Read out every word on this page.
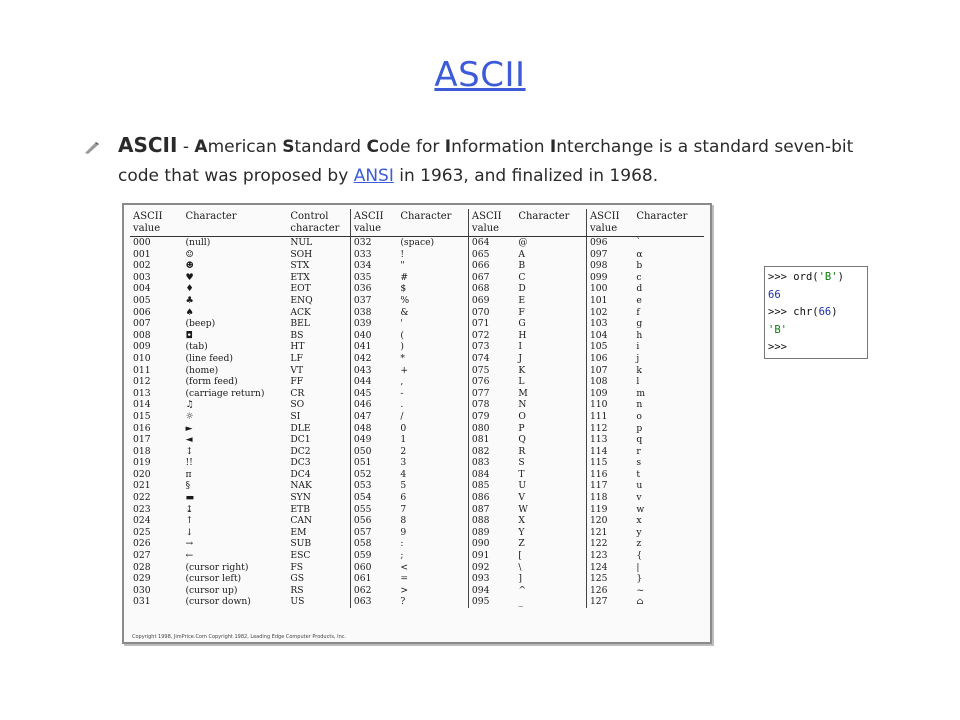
ASCII
ASCII - American Standard Code for Information Interchange is a standard seven-bit code that was proposed by ANSI in 1963, and finalized in 1968.
ASCII value	Character	Control character	ASCII value	Character	ASCII value	Character	ASCII value	Character
000	(null)	NUL	032	(space)	064	@	096	`
001	☺	SOH	033	!	065	A	097	α
002	☻	STX	034	"	066	B	098	b
003	♥	ETX	035	#	067	C	099	c
004	♦	EOT	036	$	068	D	100	d
005	♣	ENQ	037	%	069	E	101	e
006	♠	ACK	038	&	070	F	102	f
007	(beep)	BEL	039	'	071	G	103	g
008	◘	BS	040	(	072	H	104	h
009	(tab)	HT	041	)	073	I	105	i
010	(line feed)	LF	042	*	074	J	106	j
011	(home)	VT	043	+	075	K	107	k
012	(form feed)	FF	044	,	076	L	108	l
013	(carriage return)	CR	045	-	077	M	109	m
014	♫	SO	046	.	078	N	110	n
015	☼	SI	047	/	079	O	111	o
016	►	DLE	048	0	080	P	112	p
017	◄	DC1	049	1	081	Q	113	q
018	↕	DC2	050	2	082	R	114	r
019	!!	DC3	051	3	083	S	115	s
020	π	DC4	052	4	084	T	116	t
021	§	NAK	053	5	085	U	117	u
022	▬	SYN	054	6	086	V	118	v
023	↨	ETB	055	7	087	W	119	w
024	↑	CAN	056	8	088	X	120	x
025	↓	EM	057	9	089	Y	121	y
026	→	SUB	058	:	090	Z	122	z
027	←	ESC	059	;	091	[	123	{
028	(cursor right)	FS	060	<	092	\	124	|
029	(cursor left)	GS	061	=	093	]	125	}
030	(cursor up)	RS	062	>	094	^	126	~
031	(cursor down)	US	063	?	095	_	127	⌂
Copyright 1998, JimPrice.Com Copyright 1982, Leading Edge Computer Products, Inc.
>>> ord('B')
66
>>> chr(66)
'B'
>>>
